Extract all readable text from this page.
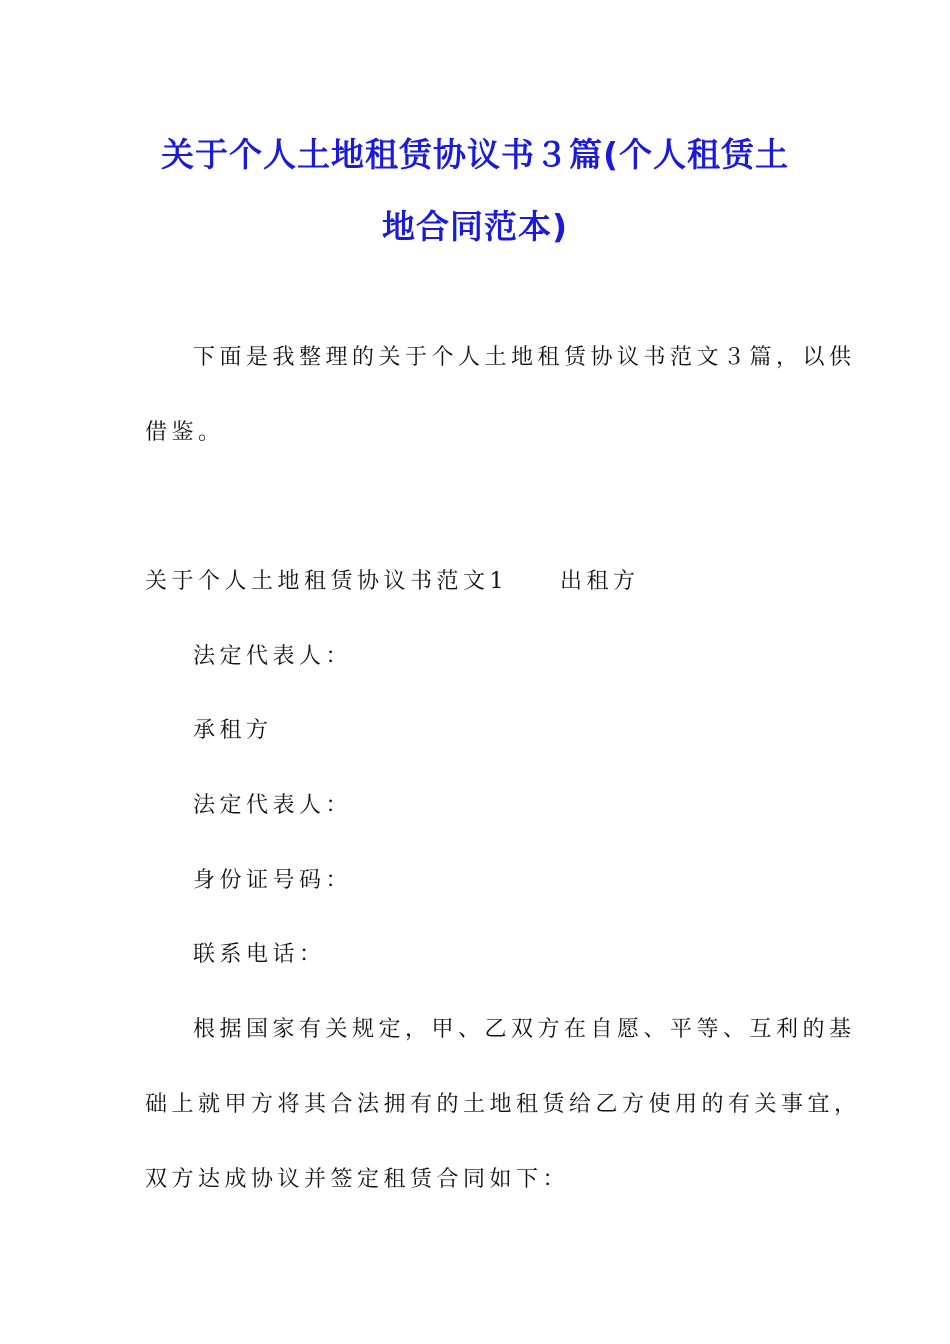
关于个人土地租赁协议书３篇(个人租赁土
地合同范本)
下面是我整理的关于个人土地租赁协议书范文３篇，以供
借鉴。
关于个人土地租赁协议书范文1 出租方
法定代表人：
承租方
法定代表人：
身份证号码：
联系电话：
根据国家有关规定，甲、乙双方在自愿、平等、互利的基
础上就甲方将其合法拥有的土地租赁给乙方使用的有关事宜，
双方达成协议并签定租赁合同如下：
